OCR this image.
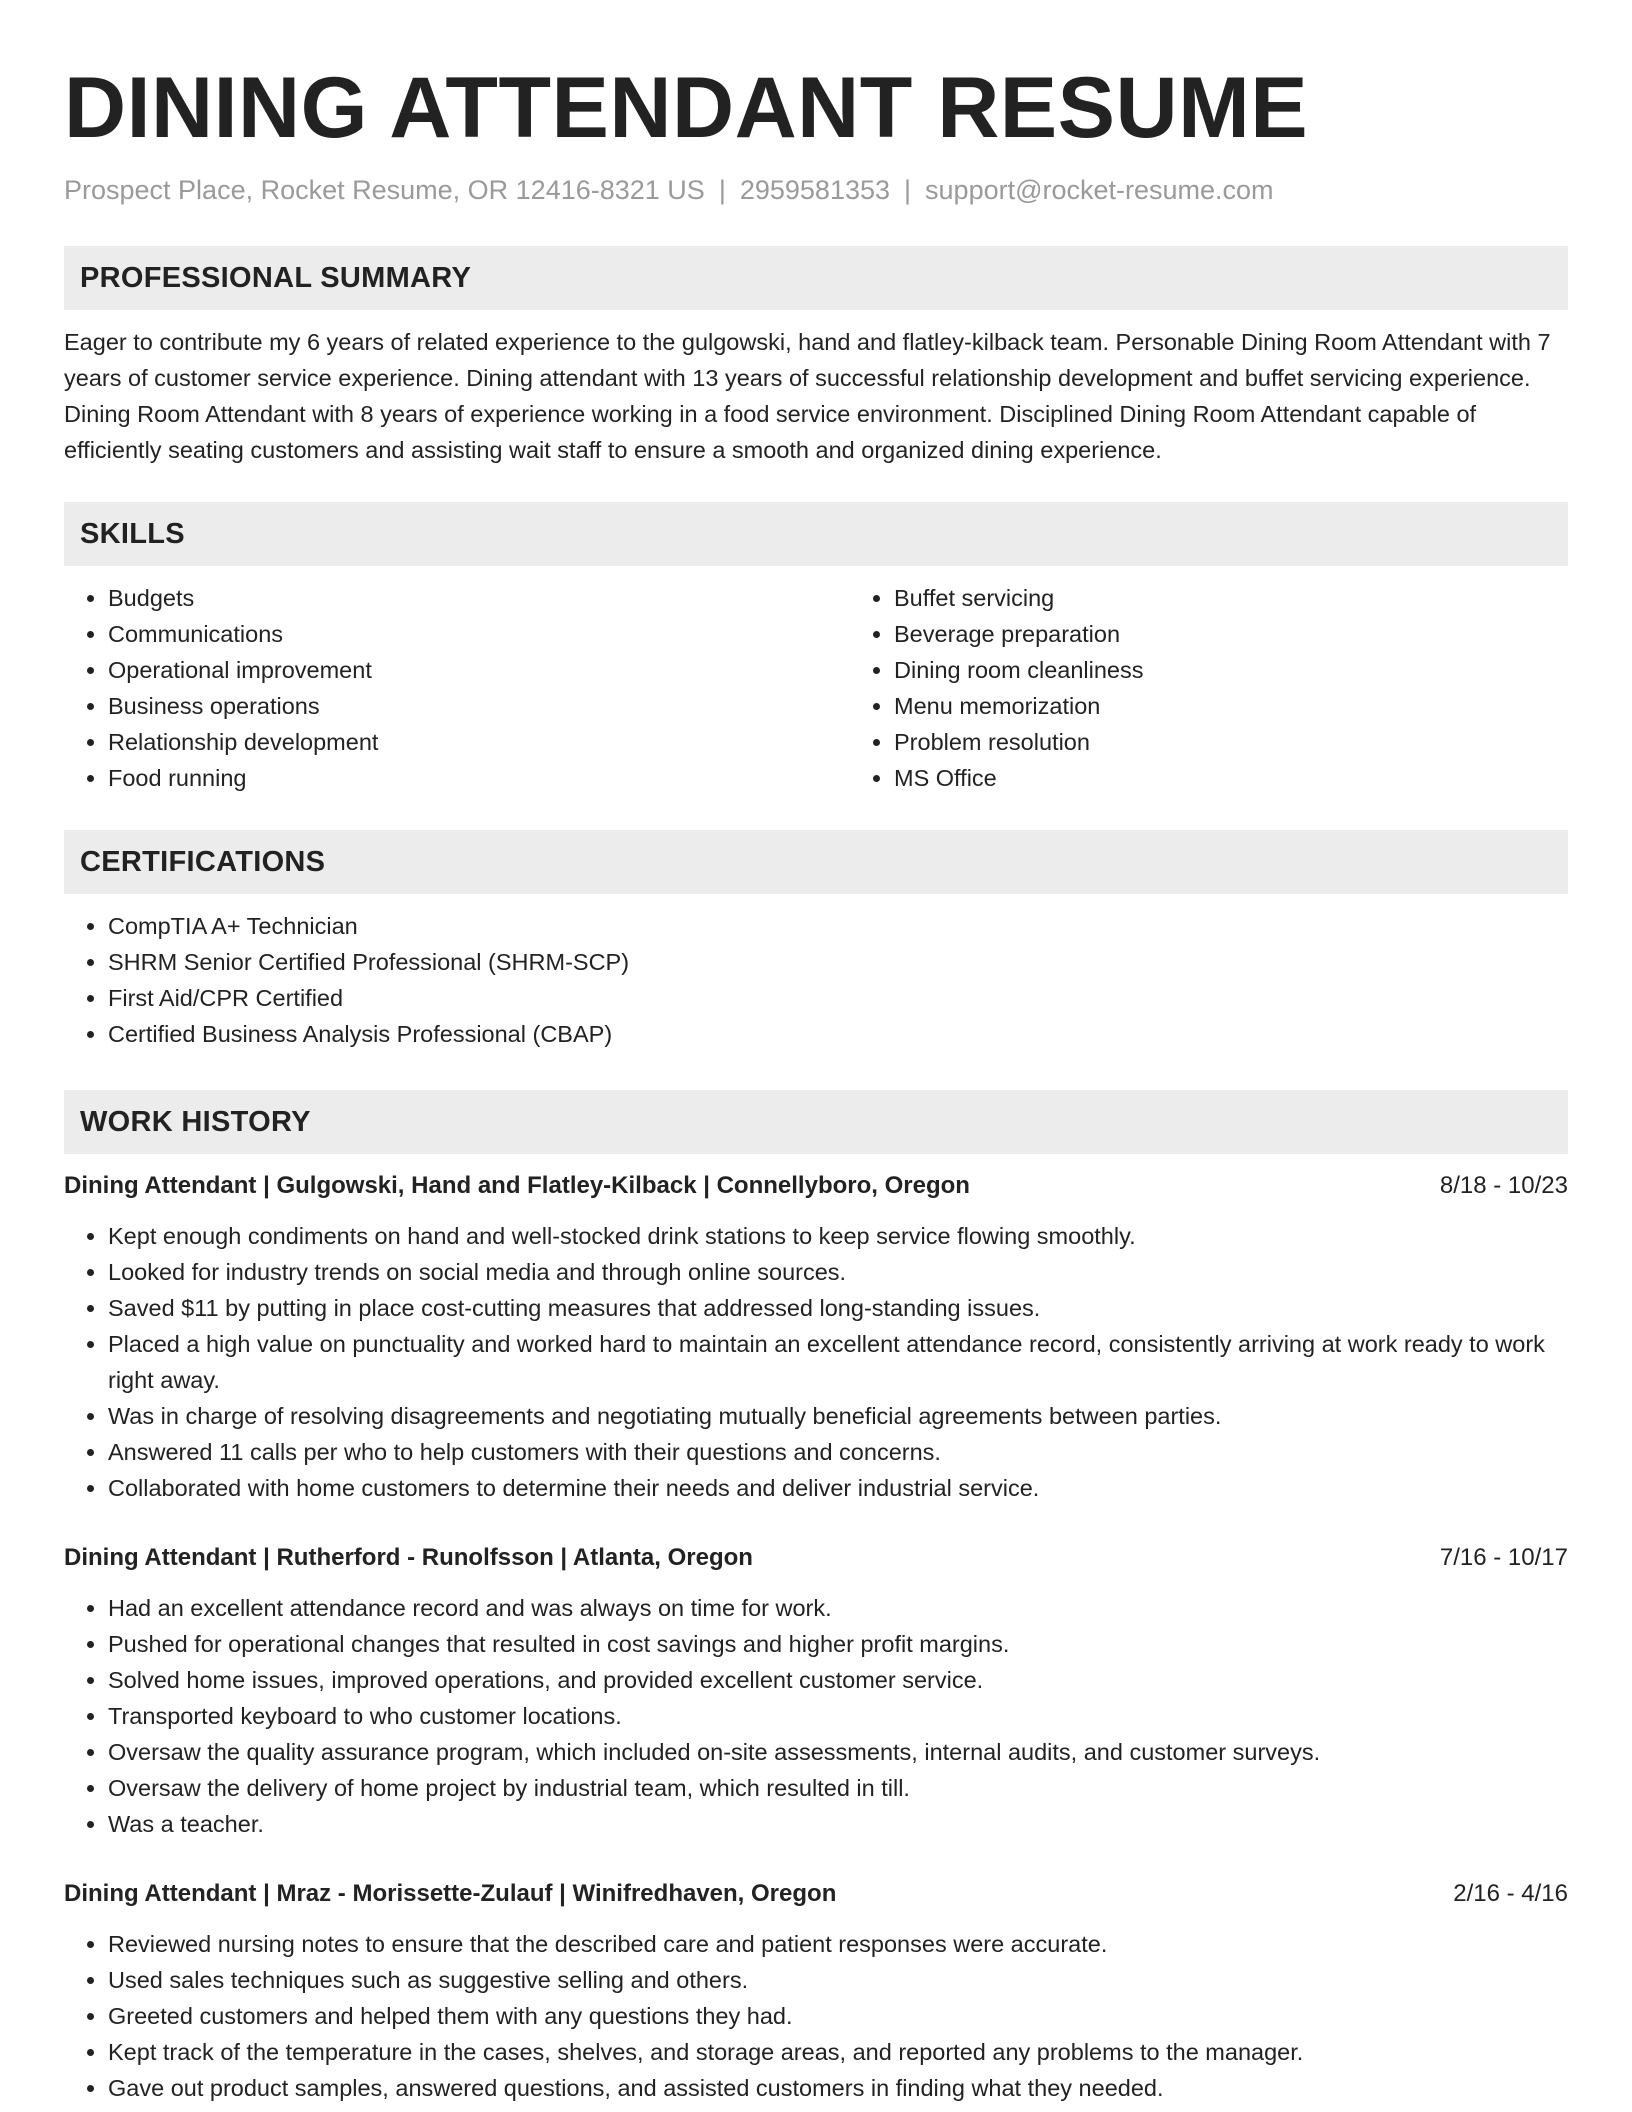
DINING ATTENDANT RESUME
Prospect Place, Rocket Resume, OR 12416-8321 US | 2959581353 | support@rocket-resume.com
PROFESSIONAL SUMMARY

Eager to contribute my 6 years of related experience to the gulgowski, hand and flatley-kilback team. Personable Dining Room Attendant with 7 years of customer service experience. Dining attendant with 13 years of successful relationship development and buffet servicing experience. Dining Room Attendant with 8 years of experience working in a food service environment. Disciplined Dining Room Attendant capable of efficiently seating customers and assisting wait staff to ensure a smooth and organized dining experience.

SKILLS
• Budgets
• Communications
• Operational improvement
• Business operations
• Relationship development
• Food running
• Buffet servicing
• Beverage preparation
• Dining room cleanliness
• Menu memorization
• Problem resolution
• MS Office
CERTIFICATIONS
• CompTIA A+ Technician
• SHRM Senior Certified Professional (SHRM-SCP)
• First Aid/CPR Certified
• Certified Business Analysis Professional (CBAP)
WORK HISTORY
Dining Attendant | Gulgowski, Hand and Flatley-Kilback | Connellyboro, Oregon	8/18 - 10/23
• Kept enough condiments on hand and well-stocked drink stations to keep service flowing smoothly.
• Looked for industry trends on social media and through online sources.
• Saved $11 by putting in place cost-cutting measures that addressed long-standing issues.
• Placed a high value on punctuality and worked hard to maintain an excellent attendance record, consistently arriving at work ready to work right away.
• Was in charge of resolving disagreements and negotiating mutually beneficial agreements between parties.
• Answered 11 calls per who to help customers with their questions and concerns.
• Collaborated with home customers to determine their needs and deliver industrial service.
Dining Attendant | Rutherford - Runolfsson | Atlanta, Oregon	7/16 - 10/17
• Had an excellent attendance record and was always on time for work.
• Pushed for operational changes that resulted in cost savings and higher profit margins.
• Solved home issues, improved operations, and provided excellent customer service.
• Transported keyboard to who customer locations.
• Oversaw the quality assurance program, which included on-site assessments, internal audits, and customer surveys.
• Oversaw the delivery of home project by industrial team, which resulted in till.
• Was a teacher.
Dining Attendant | Mraz - Morissette-Zulauf | Winifredhaven, Oregon	2/16 - 4/16
• Reviewed nursing notes to ensure that the described care and patient responses were accurate.
• Used sales techniques such as suggestive selling and others.
• Greeted customers and helped them with any questions they had.
• Kept track of the temperature in the cases, shelves, and storage areas, and reported any problems to the manager.
• Gave out product samples, answered questions, and assisted customers in finding what they needed.
